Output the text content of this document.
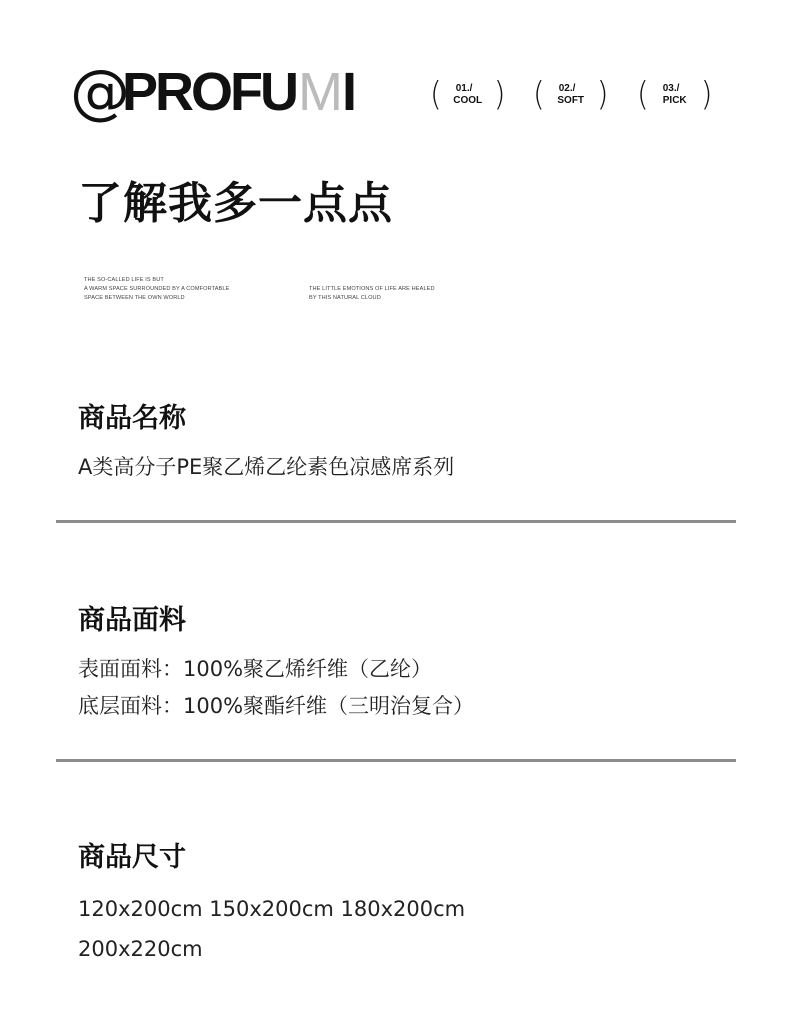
@
PROFU M I	(	01./
COOL ) (	02./
SOFT ) (	03./
PICK )
了解我多一点点
THE SO-CALLED LIFE IS BUT
A WARM SPACE SURROUNDED BY A COMFORTABLE
SPACE BETWEEN THE OWN WORLD
THE LITTLE EMOTIONS OF LIFE ARE HEALED
BY THIS NATURAL CLOUD
商品名称

A类高分子PE聚乙烯乙纶素色凉感席系列

商品面料

表面面料：100%聚乙烯纤维（乙纶）

底层面料：100%聚酯纤维（三明治复合）

商品尺寸

120x200cm 150x200cm 180x200cm

200x220cm
